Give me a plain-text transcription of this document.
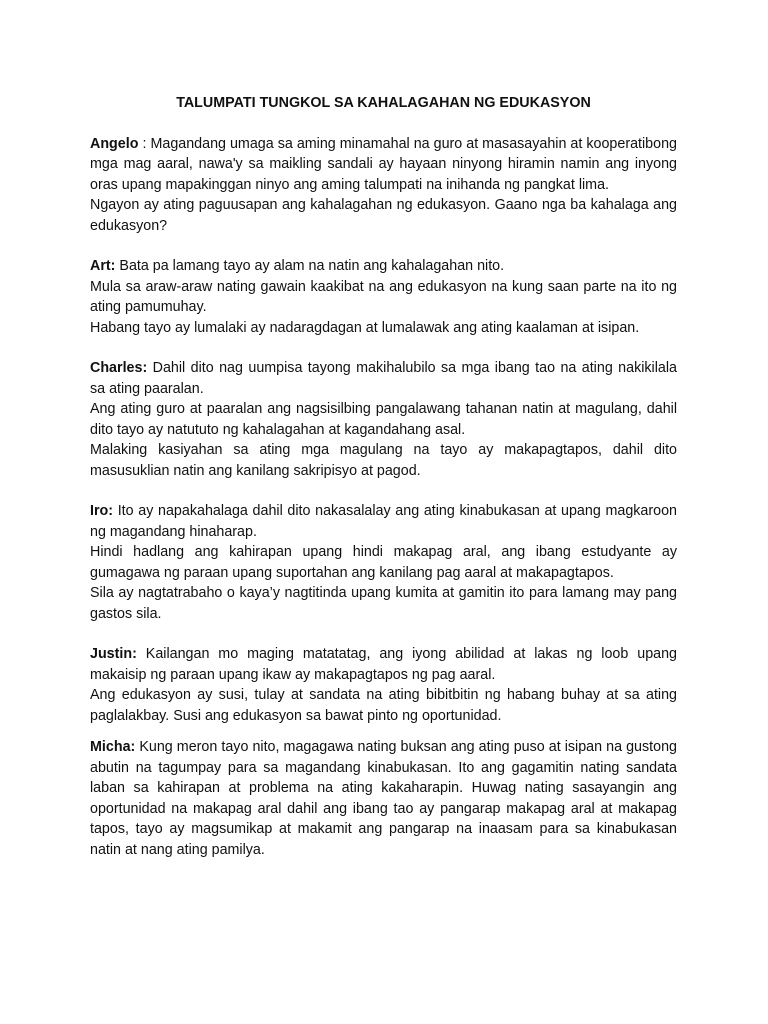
TALUMPATI TUNGKOL SA KAHALAGAHAN NG EDUKASYON
Angelo : Magandang umaga sa aming minamahal na guro at masasayahin at kooperatibong mga mag aaral, nawa'y sa maikling sandali ay hayaan ninyong hiramin namin ang inyong oras upang mapakinggan ninyo ang aming talumpati na inihanda ng pangkat lima.
Ngayon ay ating paguusapan ang kahalagahan ng edukasyon. Gaano nga ba kahalaga ang edukasyon?
Art: Bata pa lamang tayo ay alam na natin ang kahalagahan nito.
Mula sa araw-araw nating gawain kaakibat na ang edukasyon na kung saan parte na ito ng ating pamumuhay.
Habang tayo ay lumalaki ay nadaragdagan at lumalawak ang ating kaalaman at isipan.
Charles: Dahil dito nag uumpisa tayong makihalubilo sa mga ibang tao na ating nakikilala sa ating paaralan.
Ang ating guro at paaralan ang nagsisilbing pangalawang tahanan natin at magulang, dahil dito tayo ay natututo ng kahalagahan at kagandahang asal.
Malaking kasiyahan sa ating mga magulang na tayo ay makapagtapos, dahil dito masusuklian natin ang kanilang sakripisyo at pagod.
Iro: Ito ay napakahalaga dahil dito nakasalalay ang ating kinabukasan at upang magkaroon ng magandang hinaharap.
Hindi hadlang ang kahirapan upang hindi makapag aral, ang ibang estudyante ay gumagawa ng paraan upang suportahan ang kanilang pag aaral at makapagtapos.
Sila ay nagtatrabaho o kaya’y nagtitinda upang kumita at gamitin ito para lamang may pang gastos sila.
Justin: Kailangan mo maging matatatag, ang iyong abilidad at lakas ng loob upang makaisip ng paraan upang ikaw ay makapagtapos ng pag aaral.
Ang edukasyon ay susi, tulay at sandata na ating bibitbitin ng habang buhay at sa ating paglalakbay. Susi ang edukasyon sa bawat pinto ng oportunidad.
Micha: Kung meron tayo nito, magagawa nating buksan ang ating puso at isipan na gustong abutin na tagumpay para sa magandang kinabukasan. Ito ang gagamitin nating sandata laban sa kahirapan at problema na ating kakaharapin. Huwag nating sasayangin ang oportunidad na makapag aral dahil ang ibang tao ay pangarap makapag aral at makapag tapos, tayo ay magsumikap at makamit ang pangarap na inaasam para sa kinabukasan natin at nang ating pamilya.
